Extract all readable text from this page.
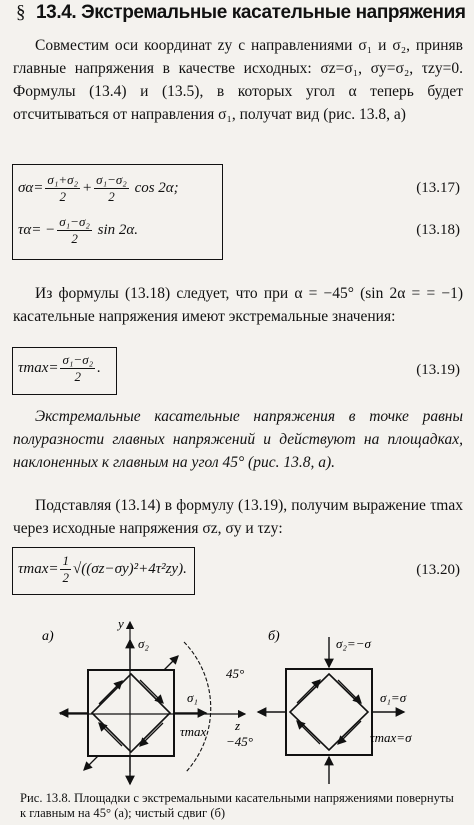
§ 13.4. Экстремальные касательные напряжения
Совместим оси координат zy с направлениями σ₁ и σ₂, приняв главные напряжения в качестве исходных: σz=σ₁, σy=σ₂, τzy=0. Формулы (13.4) и (13.5), в которых угол α теперь будет отсчитываться от направления σ₁, получат вид (рис. 13.8, а)
$\sigma\alpha= \frac{\text{σ₁+σ₂}}{2} + \frac{\text{σ₁−σ₂}}{2}$ cos 2α;	(13.17)
$\tau\alpha= - \frac{\text{σ₁−σ₂}}{2}$ sin 2α.	(13.18)
Из формулы (13.18) следует, что при α = −45° (sin 2α = = −1) касательные напряжения имеют экстремальные значения:
$\tau\max= \frac{\text{σ₁−σ₂}}{2}$ .	(13.19)
Экстремальные касательные напряжения в точке равны полуразности главных напряжений и действуют на площадках, наклоненных к главным на угол 45° (рис. 13.8, а).
Подставляя (13.14) в формулу (13.19), получим выражение τmax через исходные напряжения σz, σy и τzy:
$\tau\max= \frac{1}{2} √((\sigma z-\sigma y)^2+4\tau^2zy)$.	(13.20)
а)
y
z
σ₂
σ₁
45°
−45°
τmax
б)	σ₂=−σ
σ₁=σ
τmax=σ
Рис. 13.8. Площадки с экстремальными касательными напряжениями повернуты к главным на 45° (а); чистый сдвиг (б)
